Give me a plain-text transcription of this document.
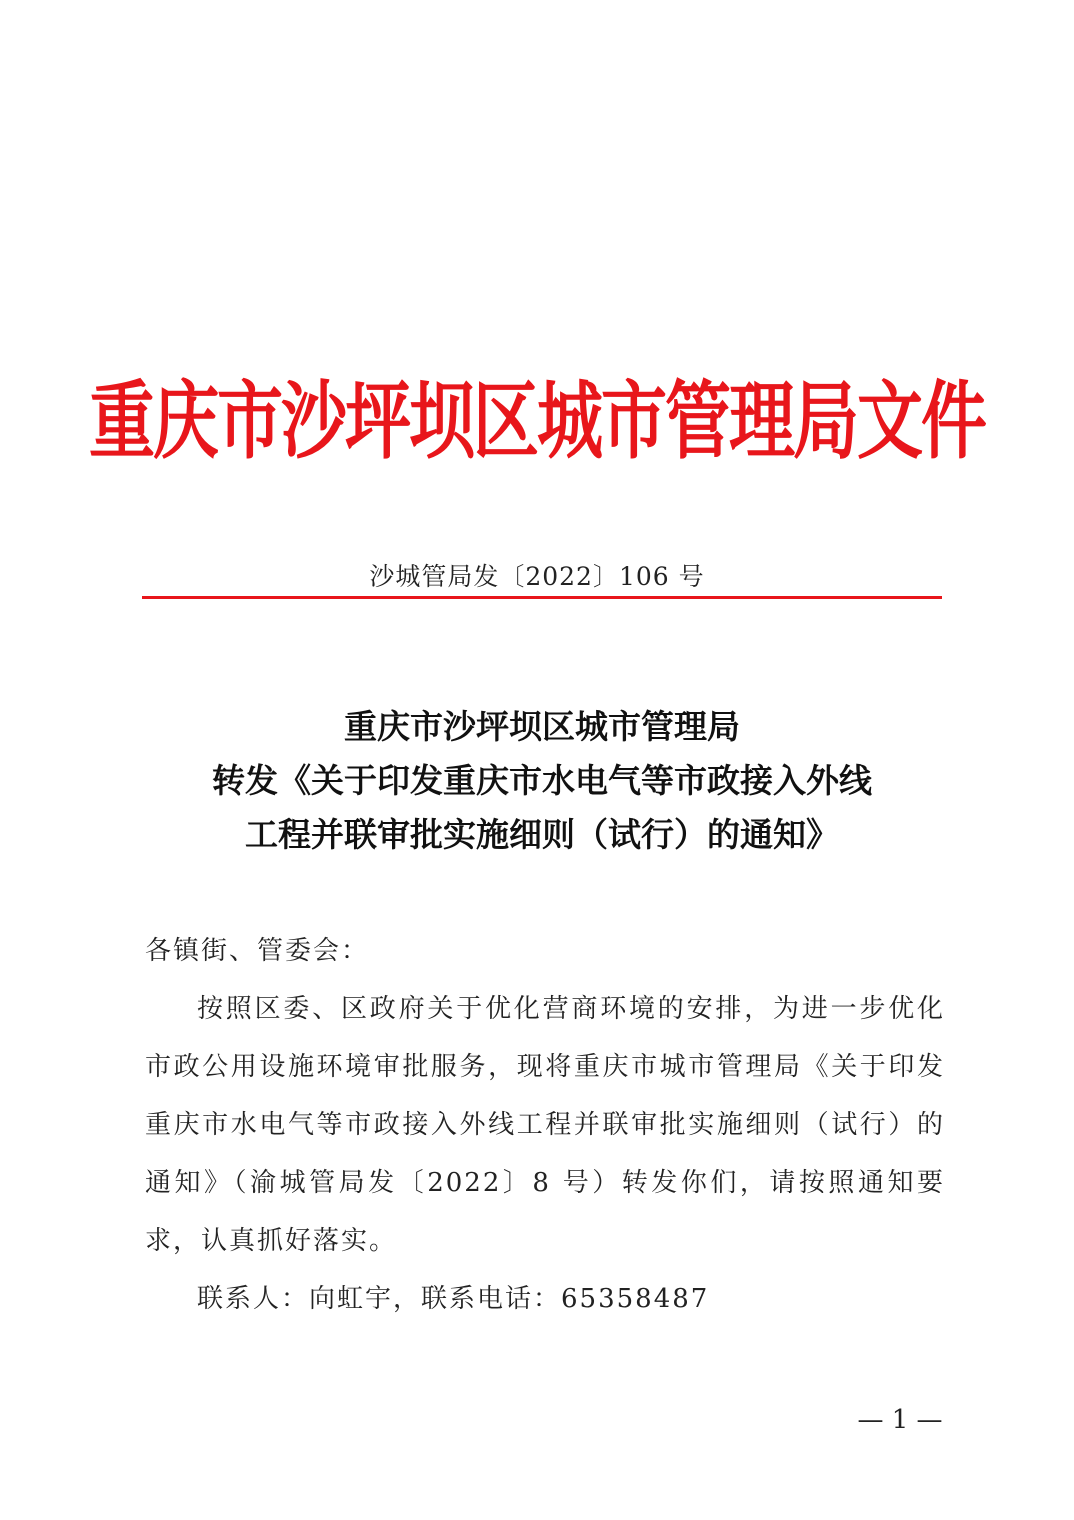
重庆市沙坪坝区城市管理局文件
沙城管局发〔2022〕106 号
重庆市沙坪坝区城市管理局
转发《关于印发重庆市水电气等市政接入外线
工程并联审批实施细则（试行）的通知》

各镇街、管委会：

按照区委、区政府关于优化营商环境的安排，为进一步优化市政公用设施环境审批服务，现将重庆市城市管理局《关于印发重庆市水电气等市政接入外线工程并联审批实施细则（试行）的通知》（渝城管局发〔2022〕8 号）转发你们，请按照通知要求，认真抓好落实。

联系人：向虹宇，联系电话：65358487

— 1 —
